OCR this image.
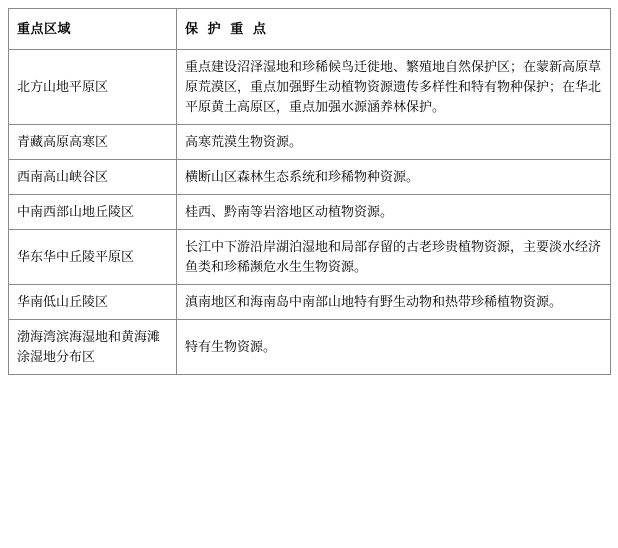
重点区域	保 护 重 点
北方山地平原区	重点建设沼泽湿地和珍稀候鸟迁徙地、繁殖地自然保护区；在蒙新高原草原荒漠区，重点加强野生动植物资源遗传多样性和特有物种保护；在华北平原黄土高原区，重点加强水源涵养林保护。
青藏高原高寒区	高寒荒漠生物资源。
西南高山峡谷区	横断山区森林生态系统和珍稀物种资源。
中南西部山地丘陵区	桂西、黔南等岩溶地区动植物资源。
华东华中丘陵平原区	长江中下游沿岸湖泊湿地和局部存留的古老珍贵植物资源，主要淡水经济鱼类和珍稀濒危水生生物资源。
华南低山丘陵区	滇南地区和海南岛中南部山地特有野生动物和热带珍稀植物资源。
渤海湾滨海湿地和黄海滩涂湿地分布区	特有生物资源。
